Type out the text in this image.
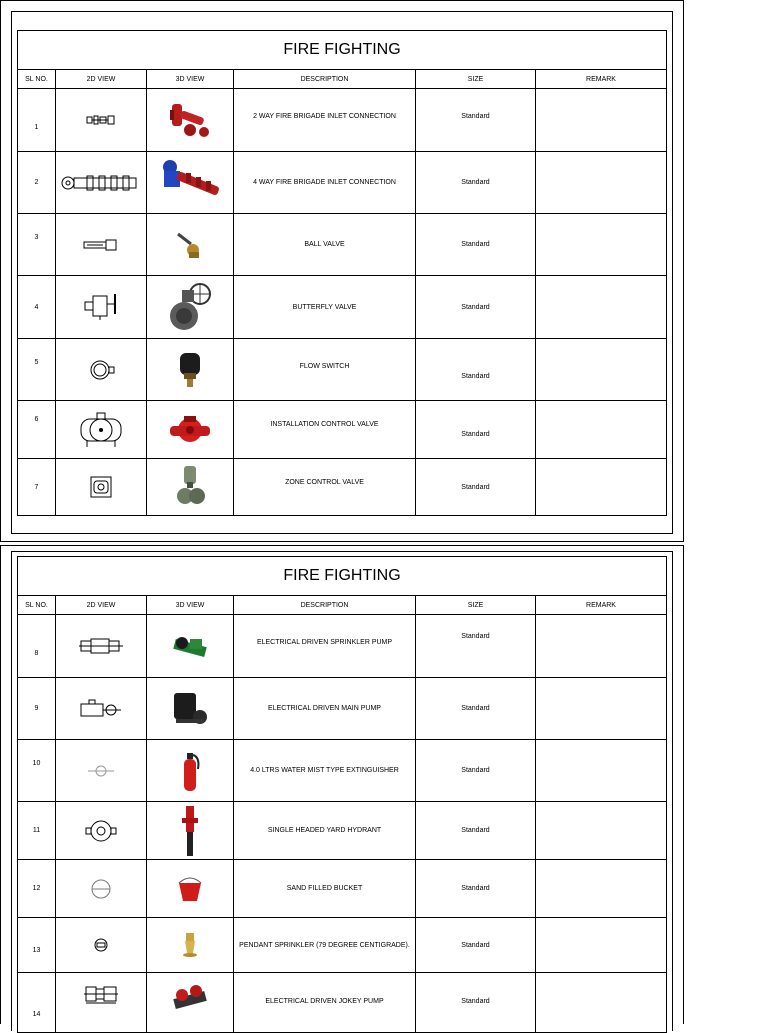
FIRE FIGHTING					
SL NO.	2D VIEW	3D VIEW	DESCRIPTION	SIZE	REMARK
1			2 WAY FIRE BRIGADE INLET CONNECTION	Standard	
2			4 WAY FIRE BRIGADE INLET CONNECTION	Standard	
3			BALL VALVE	Standard	
4			BUTTERFLY VALVE	Standard	
5			FLOW SWITCH	Standard	
6			INSTALLATION CONTROL VALVE	Standard	
7			ZONE CONTROL VALVE	Standard	
FIRE FIGHTING					
SL NO.	2D VIEW	3D VIEW	DESCRIPTION	SIZE	REMARK
8			ELECTRICAL DRIVEN SPRINKLER PUMP	Standard	
9			ELECTRICAL DRIVEN MAIN PUMP	Standard	
10			4.0 LTRS WATER MIST TYPE EXTINGUISHER	Standard	
11			SINGLE HEADED YARD HYDRANT	Standard	
12			SAND FILLED BUCKET	Standard	
13			PENDANT SPRINKLER (79 DEGREE CENTIGRADE).	Standard	
14			ELECTRICAL DRIVEN JOKEY PUMP	Standard	
